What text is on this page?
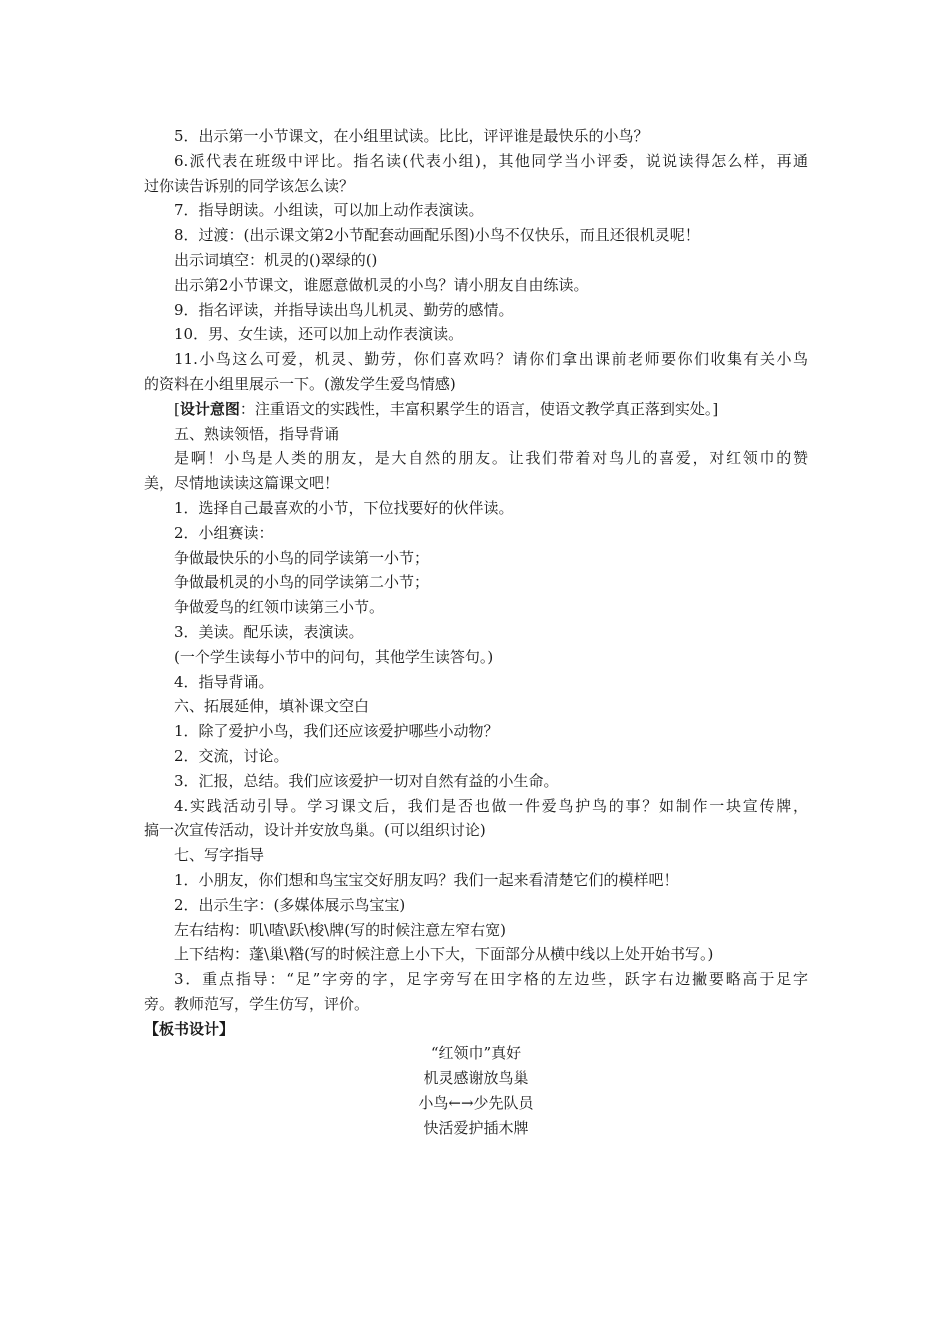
5．出示第一小节课文，在小组里试读。比比，评评谁是最快乐的小鸟？
6.派代表在班级中评比。指名读(代表小组)，其他同学当小评委，说说读得怎么样，再通
过你读告诉别的同学该怎么读？
7．指导朗读。小组读，可以加上动作表演读。
8．过渡：(出示课文第2小节配套动画配乐图)小鸟不仅快乐，而且还很机灵呢！
出示词填空：机灵的()翠绿的()
出示第2小节课文，谁愿意做机灵的小鸟？请小朋友自由练读。
9．指名评读，并指导读出鸟儿机灵、勤劳的感情。
10．男、女生读，还可以加上动作表演读。
11.小鸟这么可爱，机灵、勤劳，你们喜欢吗？请你们拿出课前老师要你们收集有关小鸟
的资料在小组里展示一下。(激发学生爱鸟情感)
[设计意图：注重语文的实践性，丰富积累学生的语言，使语文教学真正落到实处。]
五、熟读领悟，指导背诵
是啊！小鸟是人类的朋友，是大自然的朋友。让我们带着对鸟儿的喜爱，对红领巾的赞
美，尽情地读读这篇课文吧！
1．选择自己最喜欢的小节，下位找要好的伙伴读。
2．小组赛读：
争做最快乐的小鸟的同学读第一小节；
争做最机灵的小鸟的同学读第二小节；
争做爱鸟的红领巾读第三小节。
3．美读。配乐读，表演读。
(一个学生读每小节中的问句，其他学生读答句。)
4．指导背诵。
六、拓展延伸，填补课文空白
1．除了爱护小鸟，我们还应该爱护哪些小动物？
2．交流，讨论。
3．汇报，总结。我们应该爱护一切对自然有益的小生命。
4.实践活动引导。学习课文后，我们是否也做一件爱鸟护鸟的事？如制作一块宣传牌，
搞一次宣传活动，设计并安放鸟巢。(可以组织讨论)
七、写字指导
1．小朋友，你们想和鸟宝宝交好朋友吗？我们一起来看清楚它们的模样吧！
2．出示生字：(多媒体展示鸟宝宝)
左右结构：叽\喳\跃\梭\牌(写的时候注意左窄右宽)
上下结构：蓬\巢\糌(写的时候注意上小下大，下面部分从横中线以上处开始书写。)
3．重点指导：“足”字旁的字，足字旁写在田字格的左边些，跃字右边撇要略高于足字
旁。教师范写，学生仿写，评价。
【板书设计】
“红领巾”真好
机灵感谢放鸟巢
小鸟←→少先队员
快活爱护插木牌
